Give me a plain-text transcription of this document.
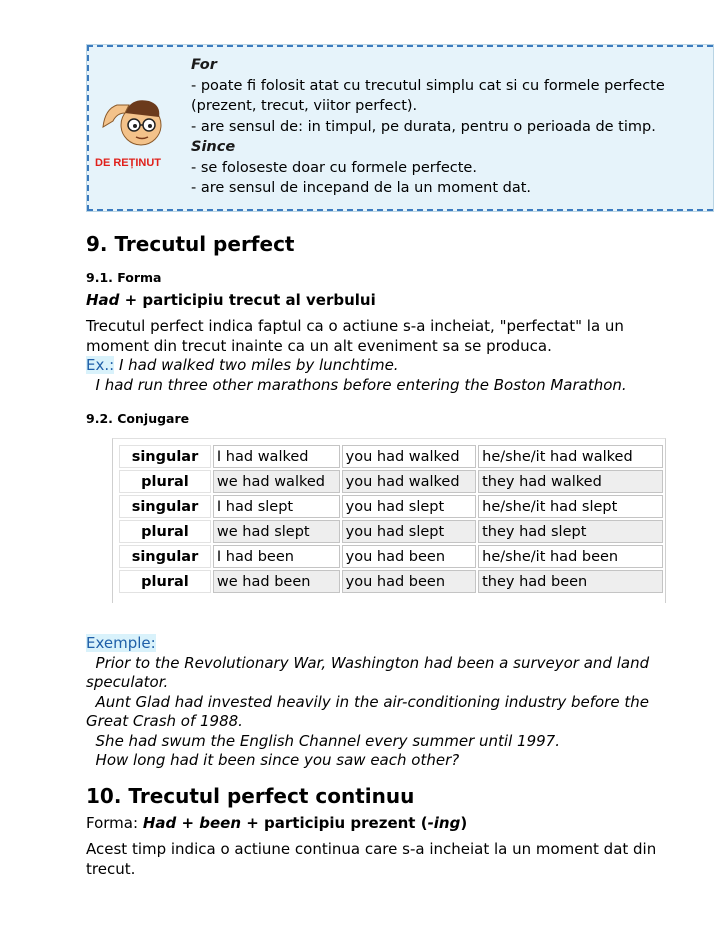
DE REȚINUT
For
- poate fi folosit atat cu trecutul simplu cat si cu formele perfecte
(prezent, trecut, viitor perfect).
- are sensul de: in timpul, pe durata, pentru o perioada de timp.
Since
- se foloseste doar cu formele perfecte.
- are sensul de incepand de la un moment dat.
9. Trecutul perfect
9.1. Forma
Had + participiu trecut al verbului
Trecutul perfect indica faptul ca o actiune s-a incheiat, "perfectat" la un
moment din trecut inainte ca un alt eveniment sa se produca.
Ex.: I had walked two miles by lunchtime.
I had run three other marathons before entering the Boston Marathon.
9.2. Conjugare
singular	I had walked	you had walked	he/she/it had walked
plural	we had walked	you had walked	they had walked
singular	I had slept	you had slept	he/she/it had slept
plural	we had slept	you had slept	they had slept
singular	I had been	you had been	he/she/it had been
plural	we had been	you had been	they had been
Exemple:
Prior to the Revolutionary War, Washington had been a surveyor and land
speculator.
Aunt Glad had invested heavily in the air-conditioning industry before the
Great Crash of 1988.
She had swum the English Channel every summer until 1997.
How long had it been since you saw each other?
10. Trecutul perfect continuu
Forma: Had + been + participiu prezent (-ing)
Acest timp indica o actiune continua care s-a incheiat la un moment dat din
trecut.
